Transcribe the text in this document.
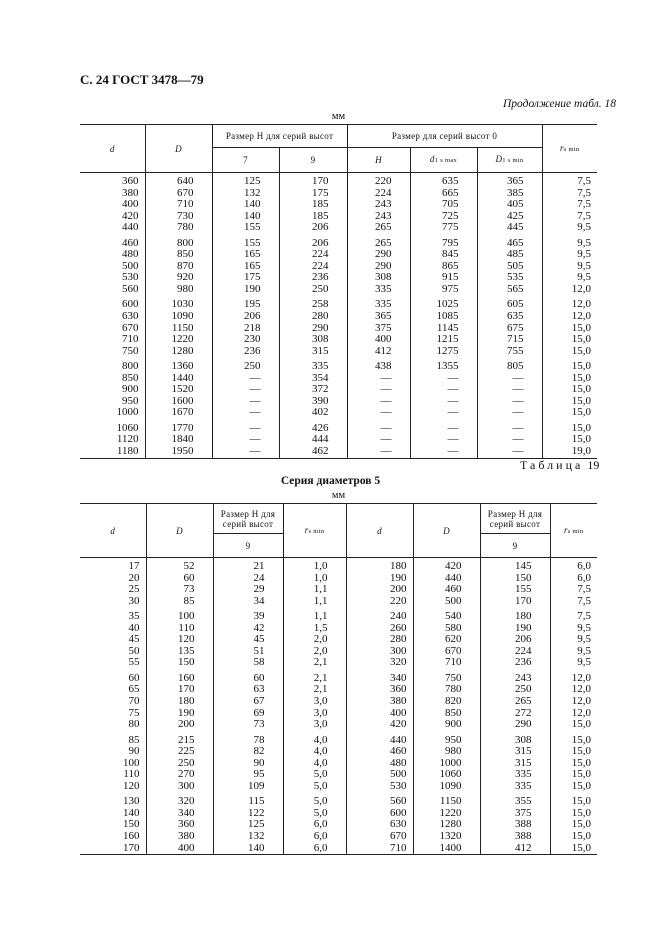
С. 24 ГОСТ 3478—79
Продолжение табл. 18
мм
d	D	Размер H для серий высот		Размер для серий высот 0			rs min
		7	9	H	d1 s max	D1 s min	
360	640	125	170	220	635	365	7,5
380	670	132	175	224	665	385	7,5
400	710	140	185	243	705	405	7,5
420	730	140	185	243	725	425	7,5
440	780	155	206	265	775	445	9,5
460	800	155	206	265	795	465	9,5
480	850	165	224	290	845	485	9,5
500	870	165	224	290	865	505	9,5
530	920	175	236	308	915	535	9,5
560	980	190	250	335	975	565	12,0
600	1030	195	258	335	1025	605	12,0
630	1090	206	280	365	1085	635	12,0
670	1150	218	290	375	1145	675	15,0
710	1220	230	308	400	1215	715	15,0
750	1280	236	315	412	1275	755	15,0
800	1360	250	335	438	1355	805	15,0
850	1440	—	354	—	—	—	15,0
900	1520	—	372	—	—	—	15,0
950	1600	—	390	—	—	—	15,0
1000	1670	—	402	—	—	—	15,0
1060	1770	—	426	—	—	—	15,0
1120	1840	—	444	—	—	—	15,0
1180	1950	—	462	—	—	—	19,0
Таблица 19
Серия диаметров 5
мм
d	D	Размер H для серий высот	rs min	d	D	Размер H для серий высот	rs min
		9				9	
17	52	21	1,0	180	420	145	6,0
20	60	24	1,0	190	440	150	6,0
25	73	29	1,1	200	460	155	7,5
30	85	34	1,1	220	500	170	7,5
35	100	39	1,1	240	540	180	7,5
40	110	42	1,5	260	580	190	9,5
45	120	45	2,0	280	620	206	9,5
50	135	51	2,0	300	670	224	9,5
55	150	58	2,1	320	710	236	9,5
60	160	60	2,1	340	750	243	12,0
65	170	63	2,1	360	780	250	12,0
70	180	67	3,0	380	820	265	12,0
75	190	69	3,0	400	850	272	12,0
80	200	73	3,0	420	900	290	15,0
85	215	78	4,0	440	950	308	15,0
90	225	82	4,0	460	980	315	15,0
100	250	90	4,0	480	1000	315	15,0
110	270	95	5,0	500	1060	335	15,0
120	300	109	5,0	530	1090	335	15,0
130	320	115	5,0	560	1150	355	15,0
140	340	122	5,0	600	1220	375	15,0
150	360	125	6,0	630	1280	388	15,0
160	380	132	6,0	670	1320	388	15,0
170	400	140	6,0	710	1400	412	15,0
